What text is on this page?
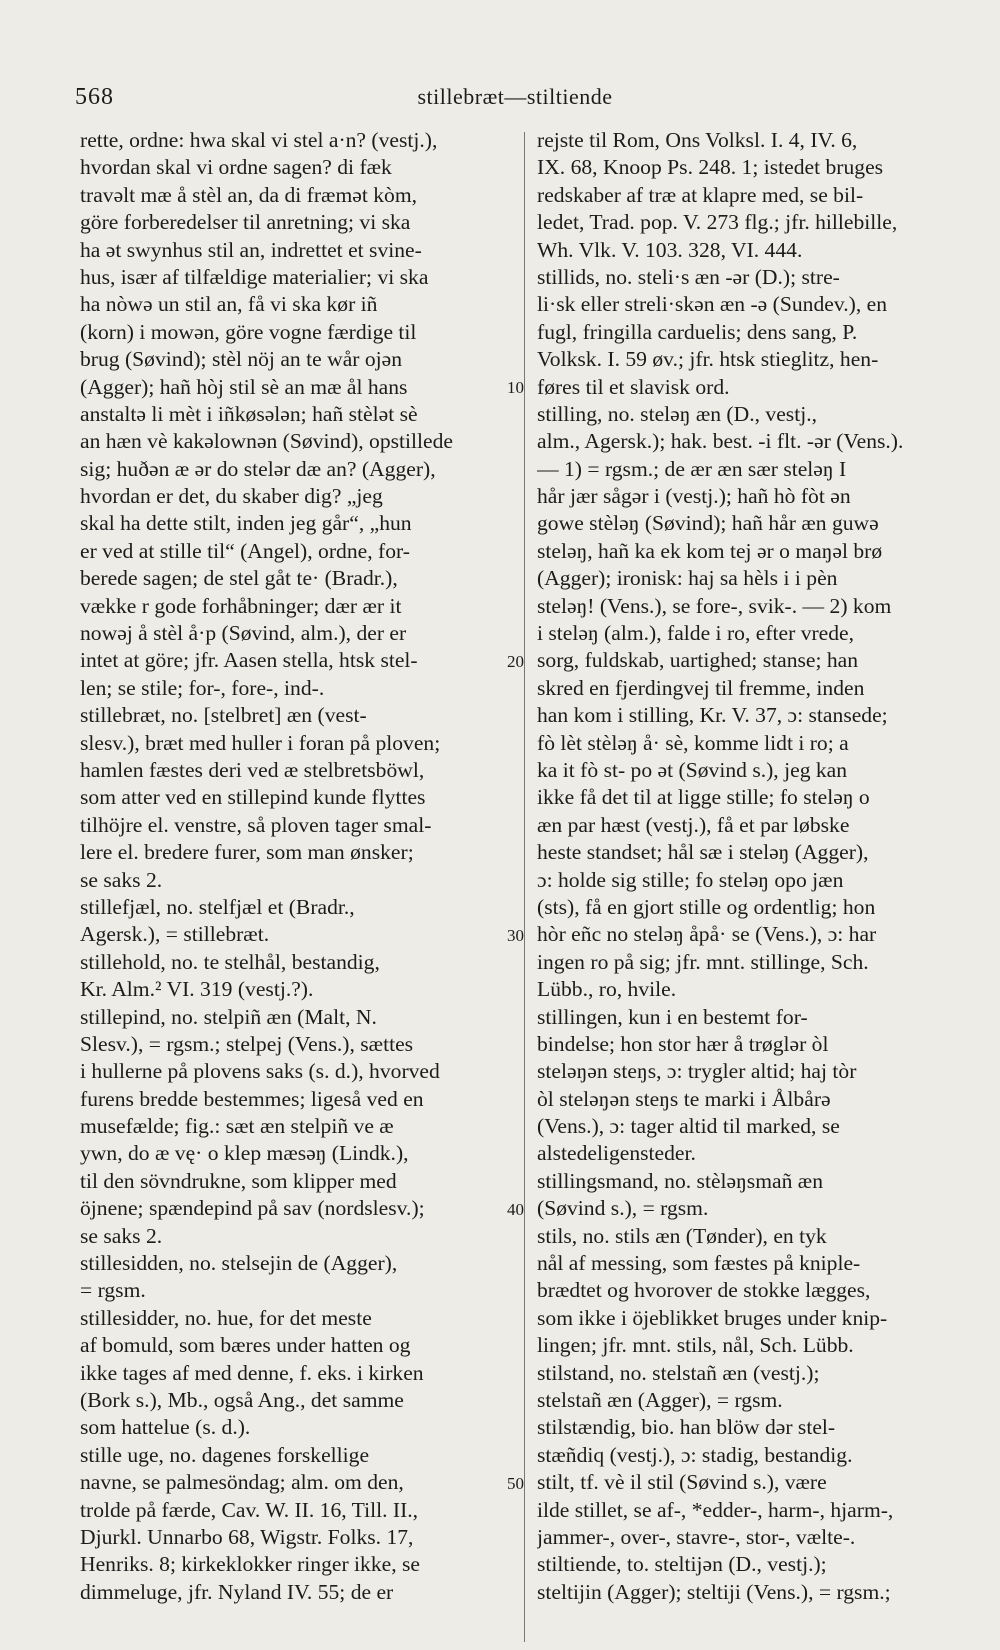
568	stillebræt—stiltiende
rette, ordne: hwa skal vi stel a·n? (vestj.),
hvordan skal vi ordne sagen? di fæk
travəlt mæ å stèl an, da di fræmət kòm,
göre forberedelser til anretning; vi ska
ha ət swynhus stil an, indrettet et svine-
hus, især af tilfældige materialier; vi ska
ha nòwə un stil an, få vi ska kør iñ
(korn) i mowən, göre vogne færdige til
brug (Søvind); stèl nöj an te wår ojən
(Agger); hañ hòj stil sè an mæ ål hans
anstaltə li mèt i iñkøsələn; hañ stèlət sè
an hæn vè kakəlownən (Søvind), opstillede
sig; huðən æ ər do stelər dæ an? (Agger),
hvordan er det, du skaber dig? „jeg
skal ha dette stilt, inden jeg går“, „hun
er ved at stille til“ (Angel), ordne, for-
berede sagen; de stel gåt te· (Bradr.),
vække r gode forhåbninger; dær ær it
nowəj å stèl å·p (Søvind, alm.), der er
intet at göre; jfr. Aasen stella, htsk stel-
len; se stile; for-, fore-, ind-.
stillebræt, no. [stelbret] æn (vest-
slesv.), bræt med huller i foran på ploven;
hamlen fæstes deri ved æ stelbretsböwl,
som atter ved en stillepind kunde flyttes
tilhöjre el. venstre, så ploven tager smal-
lere el. bredere furer, som man ønsker;
se saks 2.
stillefjæl, no. stelfjæl et (Bradr.,
Agersk.), = stillebræt.
stillehold, no. te stelhål, bestandig,
Kr. Alm.² VI. 319 (vestj.?).
stillepind, no. stelpiñ æn (Malt, N.
Slesv.), = rgsm.; stelpej (Vens.), sættes
i hullerne på plovens saks (s. d.), hvorved
furens bredde bestemmes; ligeså ved en
musefælde; fig.: sæt æn stelpiñ ve æ
ywn, do æ vę· o klep mæsəŋ (Lindk.),
til den sövndrukne, som klipper med
öjnene; spændepind på sav (nordslesv.);
se saks 2.
stillesidden, no. stelsejin de (Agger),
= rgsm.
stillesidder, no. hue, for det meste
af bomuld, som bæres under hatten og
ikke tages af med denne, f. eks. i kirken
(Bork s.), Mb., også Ang., det samme
som hattelue (s. d.).
stille uge, no. dagenes forskellige
navne, se palmesöndag; alm. om den,
trolde på færde, Cav. W. II. 16, Till. II.,
Djurkl. Unnarbo 68, Wigstr. Folks. 17,
Henriks. 8; kirkeklokker ringer ikke, se
dimmeluge, jfr. Nyland IV. 55; de er
10
20
30
40
50
rejste til Rom, Ons Volksl. I. 4, IV. 6,
IX. 68, Knoop Ps. 248. 1; istedet bruges
redskaber af træ at klapre med, se bil-
ledet, Trad. pop. V. 273 flg.; jfr. hillebille,
Wh. Vlk. V. 103. 328, VI. 444.
stillids, no. steli·s æn -ər (D.); stre-
li·sk eller streli·skən æn -ə (Sundev.), en
fugl, fringilla carduelis; dens sang, P.
Volksk. I. 59 øv.; jfr. htsk stieglitz, hen-
føres til et slavisk ord.
stilling, no. steləŋ æn (D., vestj.,
alm., Agersk.); hak. best. -i flt. -ər (Vens.).
— 1) = rgsm.; de ær æn sær steləŋ I
hår jær sågər i (vestj.); hañ hò fòt ən
gowe stèləŋ (Søvind); hañ hår æn guwə
steləŋ, hañ ka ek kom tej ər o maŋəl brø
(Agger); ironisk: haj sa hèls i i pèn
steləŋ! (Vens.), se fore-, svik-. — 2) kom
i steləŋ (alm.), falde i ro, efter vrede,
sorg, fuldskab, uartighed; stanse; han
skred en fjerdingvej til fremme, inden
han kom i stilling, Kr. V. 37, ɔ: stansede;
fò lèt stèləŋ å· sè, komme lidt i ro; a
ka it fò st- po ət (Søvind s.), jeg kan
ikke få det til at ligge stille; fo steləŋ o
æn par hæst (vestj.), få et par løbske
heste standset; hål sæ i steləŋ (Agger),
ɔ: holde sig stille; fo steləŋ opo jæn
(sts), få en gjort stille og ordentlig; hon
hòr eñc no steləŋ åpå· se (Vens.), ɔ: har
ingen ro på sig; jfr. mnt. stillinge, Sch.
Lübb., ro, hvile.
stillingen, kun i en bestemt for-
bindelse; hon stor hær å trøglər òl
steləŋən steŋs, ɔ: trygler altid; haj tòr
òl steləŋən steŋs te marki i Ålbårə
(Vens.), ɔ: tager altid til marked, se
alstedeligensteder.
stillingsmand, no. stèləŋsmañ æn
(Søvind s.), = rgsm.
stils, no. stils æn (Tønder), en tyk
nål af messing, som fæstes på kniple-
brædtet og hvorover de stokke lægges,
som ikke i öjeblikket bruges under knip-
lingen; jfr. mnt. stils, nål, Sch. Lübb.
stilstand, no. stelstañ æn (vestj.);
stelstañ æn (Agger), = rgsm.
stilstændig, bio. han blöw dər stel-
stæñdiq (vestj.), ɔ: stadig, bestandig.
stilt, tf. vè il stil (Søvind s.), være
ilde stillet, se af-, *edder-, harm-, hjarm-,
jammer-, over-, stavre-, stor-, vælte-.
stiltiende, to. steltijən (D., vestj.);
steltijin (Agger); steltiji (Vens.), = rgsm.;
